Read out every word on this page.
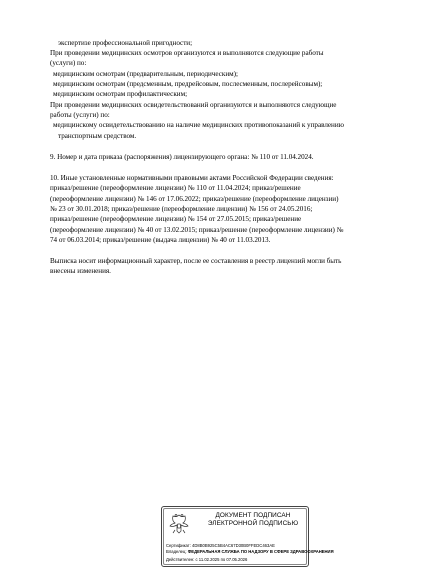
экспертизе профессиональной пригодности;
При проведении медицинских осмотров организуются и выполняются следующие работы
(услуги) по:
медицинским осмотрам (предварительным, периодическим);
медицинским осмотрам (предсменным, предрейсовым, послесменным, послерейсовым);
медицинским осмотрам профилактическим;
При проведении медицинских освидетельствований организуются и выполняются следующие
работы (услуги) по:
медицинскому освидетельствованию на наличие медицинских противопоказаний к управлению
транспортным средством.
9. Номер и дата приказа (распоряжения) лицензирующего органа: № 110 от 11.04.2024.
10. Иные установленные нормативными правовыми актами Российской Федерации сведения:
приказ/решение (переоформление лицензии) № 110 от 11.04.2024; приказ/решение
(переоформление лицензии) № 146 от 17.06.2022; приказ/решение (переоформление лицензии)
№ 23 от 30.01.2018; приказ/решение (переоформление лицензии) № 156 от 24.05.2016;
приказ/решение (переоформление лицензии) № 154 от 27.05.2015; приказ/решение
(переоформление лицензии) № 40 от 13.02.2015; приказ/решение (переоформление лицензии) №
74 от 06.03.2014; приказ/решение (выдача лицензии) № 40 от 11.03.2013.
Выписка носит информационный характер, после ее составления в реестр лицензий могли быть
внесены изменения.
ДОКУМЕНТ ПОДПИСАН
ЭЛЕКТРОННОЙ ПОДПИСЬЮ
Сертификат: 4D8B0B925C5B4AC67D30B0FFEDC463AE
Владелец: ФЕДЕРАЛЬНАЯ СЛУЖБА ПО НАДЗОРУ В СФЕРЕ ЗДРАВООХРАНЕНИЯ
Действителен: с 11.02.2025 по 07.05.2026
